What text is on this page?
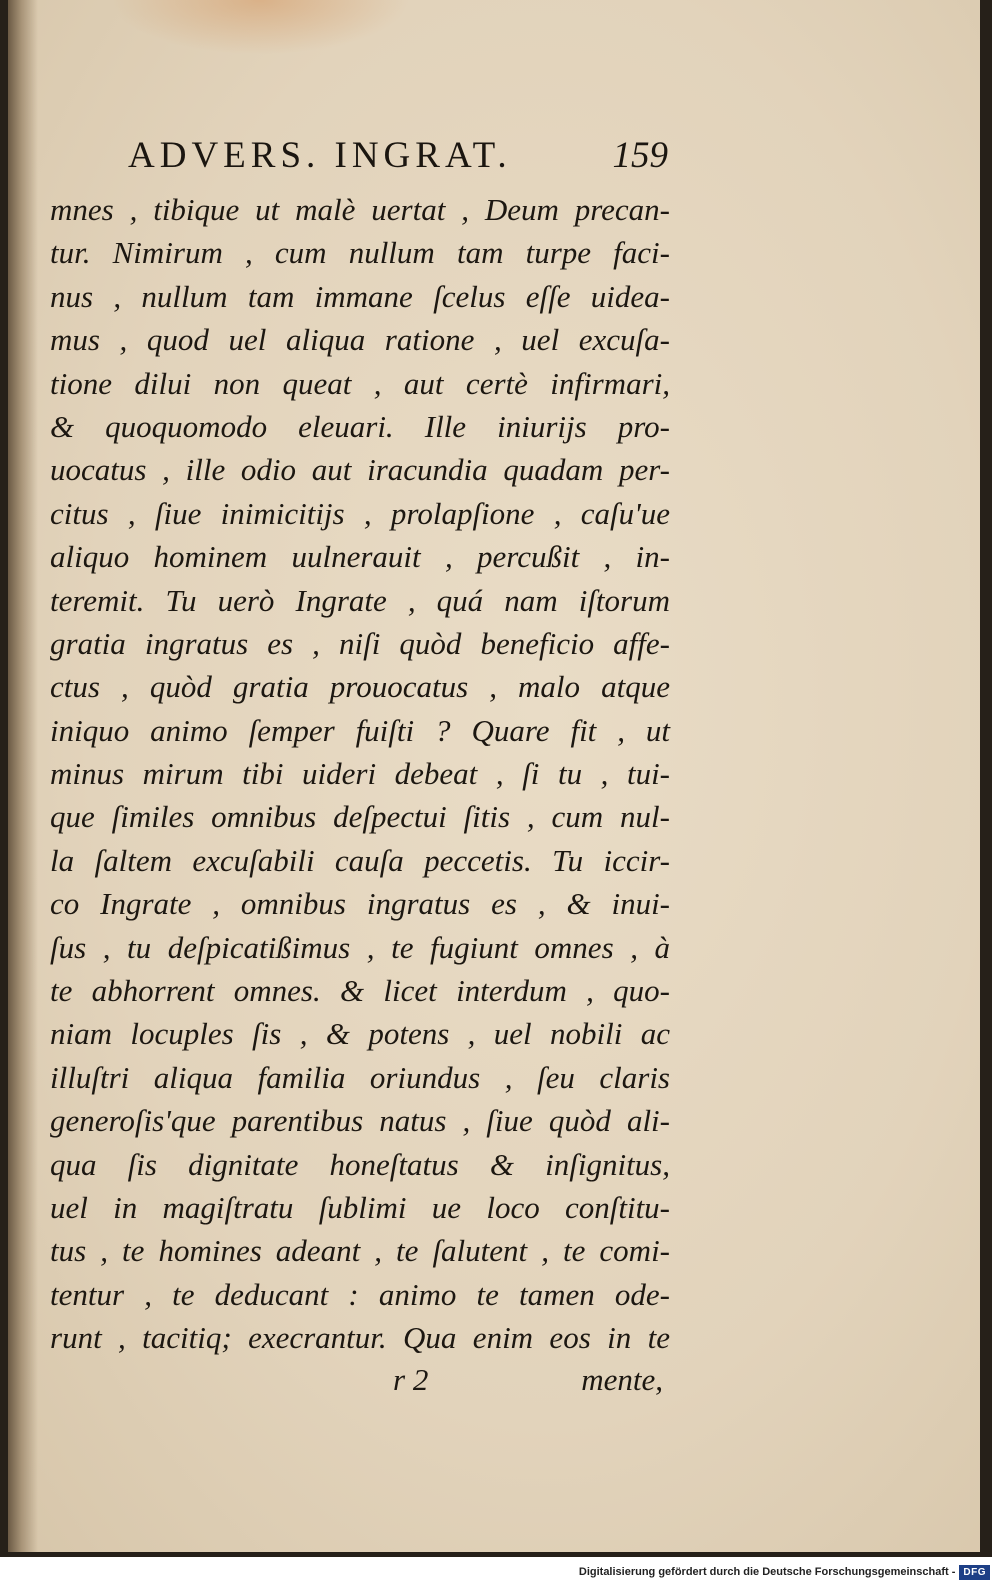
ADVERS. INGRAT.	159
mnes , tibique ut malè uertat , Deum precan-
tur. Nimirum , cum nullum tam turpe faci-
nus , nullum tam immane ſcelus eſſe uidea-
mus , quod uel aliqua ratione , uel excuſa-
tione dilui non queat , aut certè infirmari,
& quoquomodo eleuari. Ille iniurijs pro-
uocatus , ille odio aut iracundia quadam per-
citus , ſiue inimicitijs , prolapſione , caſu'ue
aliquo hominem uulnerauit , percußit , in-
teremit. Tu uerò Ingrate , quá nam iſtorum
gratia ingratus es , niſi quòd beneficio affe-
ctus , quòd gratia prouocatus , malo atque
iniquo animo ſemper fuiſti ? Quare fit , ut
minus mirum tibi uideri debeat , ſi tu , tui-
que ſimiles omnibus deſpectui ſitis , cum nul-
la ſaltem excuſabili cauſa peccetis. Tu iccir-
co Ingrate , omnibus ingratus es , & inui-
ſus , tu deſpicatißimus , te fugiunt omnes , à
te abhorrent omnes. & licet interdum , quo-
niam locuples ſis , & potens , uel nobili ac
illuſtri aliqua familia oriundus , ſeu claris
generoſis'que parentibus natus , ſiue quòd ali-
qua ſis dignitate honeſtatus & inſignitus,
uel in magiſtratu ſublimi ue loco conſtitu-
tus , te homines adeant , te ſalutent , te comi-
tentur , te deducant : animo te tamen ode-
runt , tacitiq; execrantur. Qua enim eos in te
r 2	mente,
Digitalisierung gefördert durch die Deutsche Forschungsgemeinschaft - DFG
